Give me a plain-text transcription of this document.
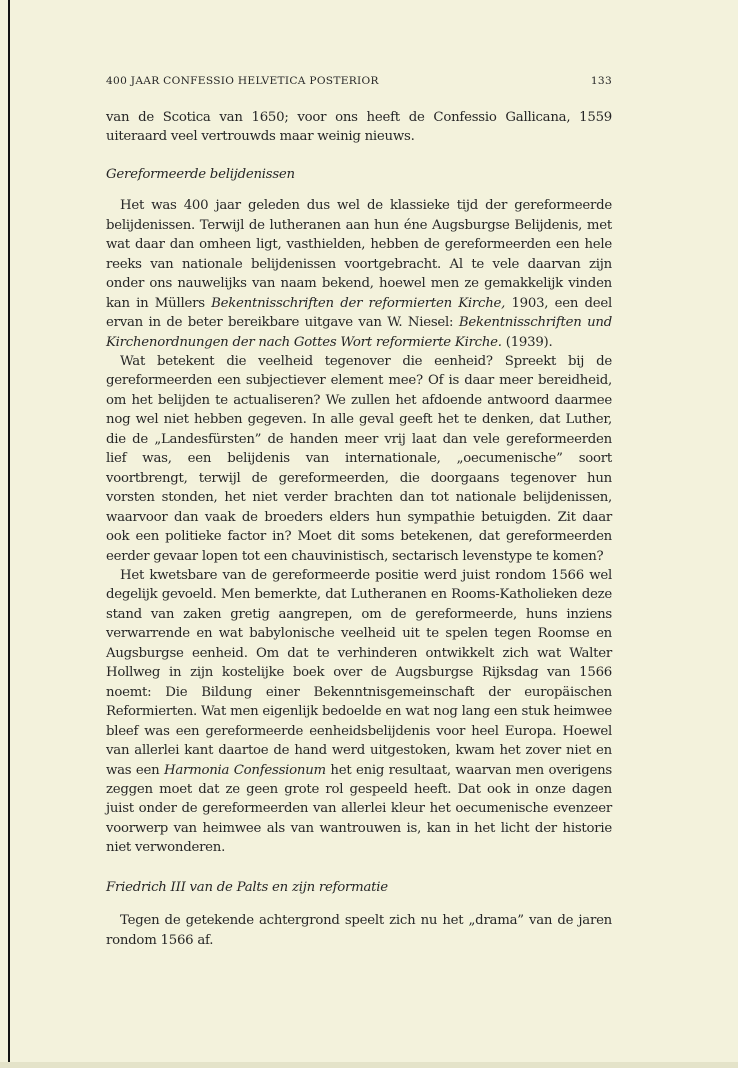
400 JAAR CONFESSIO HELVETICA POSTERIOR	133

van de Scotica van 1650; voor ons heeft de Confessio Gallicana, 1559 uiteraard veel vertrouwds maar weinig nieuws.

Gereformeerde belijdenissen

Het was 400 jaar geleden dus wel de klassieke tijd der gereformeerde belijdenissen. Terwijl de lutheranen aan hun éne Augsburgse Belijdenis, met wat daar dan omheen ligt, vasthielden, hebben de gereformeerden een hele reeks van nationale belijdenissen voortgebracht. Al te vele daarvan zijn onder ons nauwelijks van naam bekend, hoewel men ze gemakkelijk vinden kan in Müllers Bekentnisschriften der reformierten Kirche, 1903, een deel ervan in de beter bereikbare uitgave van W. Niesel: Bekentnisschriften und Kirchenordnungen der nach Gottes Wort reformierte Kirche. (1939).

Wat betekent die veelheid tegenover die eenheid? Spreekt bij de gereformeerden een subjectiever element mee? Of is daar meer bereidheid, om het belijden te actualiseren? We zullen het afdoende antwoord daarmee nog wel niet hebben gegeven. In alle geval geeft het te denken, dat Luther, die de „Landesfürsten” de handen meer vrij laat dan vele gereformeerden lief was, een belijdenis van internationale, „oecumenische” soort voortbrengt, terwijl de gereformeerden, die doorgaans tegenover hun vorsten stonden, het niet verder brachten dan tot nationale belijdenissen, waarvoor dan vaak de broeders elders hun sympathie betuigden. Zit daar ook een politieke factor in? Moet dit soms betekenen, dat gereformeerden eerder gevaar lopen tot een chauvinistisch, sectarisch levenstype te komen?

Het kwetsbare van de gereformeerde positie werd juist rondom 1566 wel degelijk gevoeld. Men bemerkte, dat Lutheranen en Rooms-Katholieken deze stand van zaken gretig aangrepen, om de gereformeerde, huns inziens verwarrende en wat babylonische veelheid uit te spelen tegen Roomse en Augsburgse eenheid. Om dat te verhinderen ontwikkelt zich wat Walter Hollweg in zijn kostelijke boek over de Augsburgse Rijksdag van 1566 noemt: Die Bildung einer Bekenntnisgemeinschaft der europäischen Reformierten. Wat men eigenlijk bedoelde en wat nog lang een stuk heimwee bleef was een gereformeerde eenheidsbelijdenis voor heel Europa. Hoewel van allerlei kant daartoe de hand werd uitgestoken, kwam het zover niet en was een Harmonia Confessionum het enig resultaat, waarvan men overigens zeggen moet dat ze geen grote rol gespeeld heeft. Dat ook in onze dagen juist onder de gereformeerden van allerlei kleur het oecumenische evenzeer voorwerp van heimwee als van wantrouwen is, kan in het licht der historie niet verwonderen.

Friedrich III van de Palts en zijn reformatie

Tegen de getekende achtergrond speelt zich nu het „drama” van de jaren rondom 1566 af.
